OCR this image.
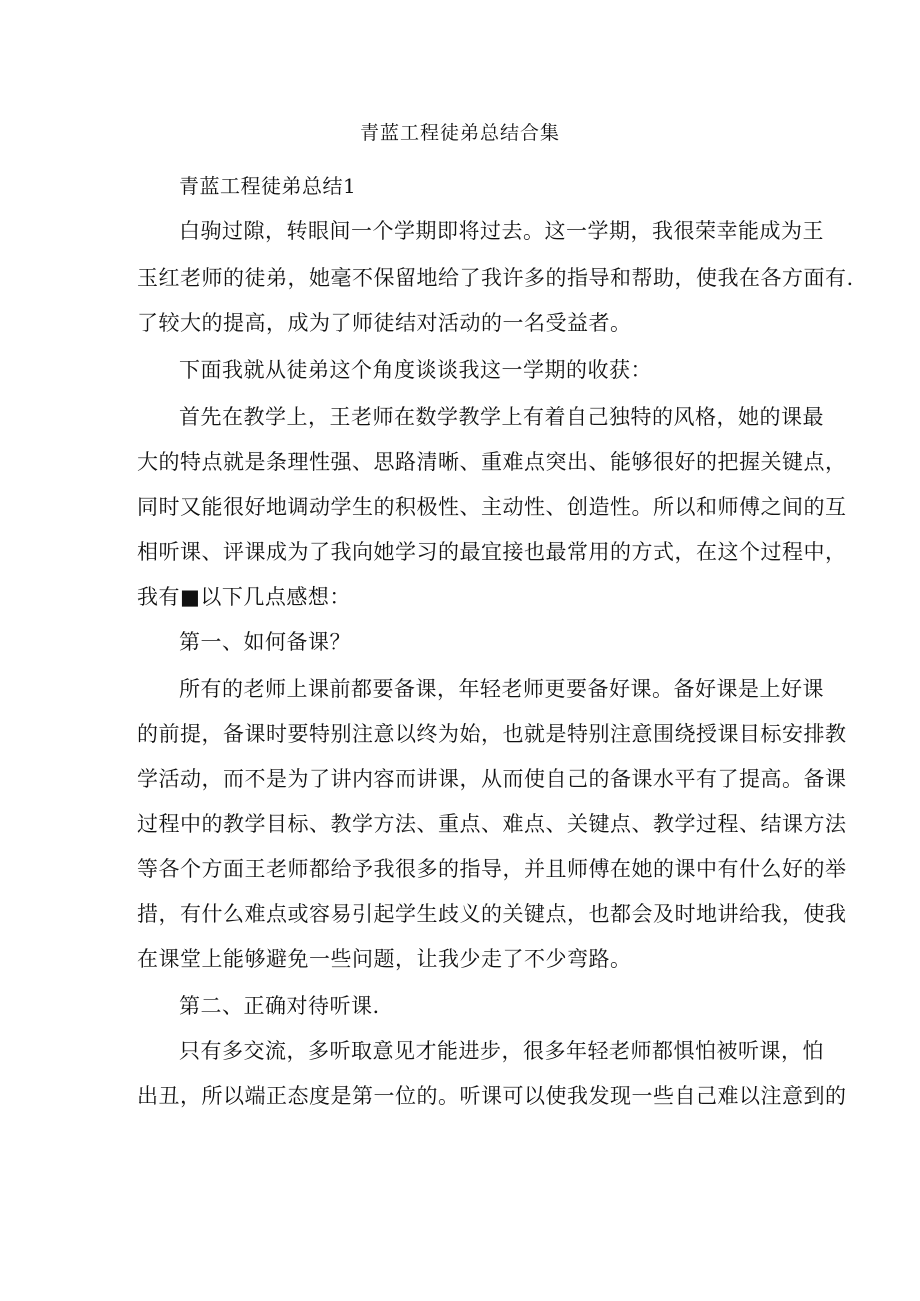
青蓝工程徒弟总结合集
青蓝工程徒弟总结1
白驹过隙，转眼间一个学期即将过去。这一学期，我很荣幸能成为王
玉红老师的徒弟，她毫不保留地给了我许多的指导和帮助，使我在各方面有.
了较大的提高，成为了师徒结对活动的一名受益者。
下面我就从徒弟这个角度谈谈我这一学期的收获：
首先在教学上，王老师在数学教学上有着自己独特的风格，她的课最
大的特点就是条理性强、思路清晰、重难点突出、能够很好的把握关键点，
同时又能很好地调动学生的积极性、主动性、创造性。所以和师傅之间的互
相听课、评课成为了我向她学习的最宜接也最常用的方式，在这个过程中，
我有■以下几点感想：
第一、如何备课？
所有的老师上课前都要备课，年轻老师更要备好课。备好课是上好课
的前提，备课时要特别注意以终为始，也就是特别注意围绕授课目标安排教
学活动，而不是为了讲内容而讲课，从而使自己的备课水平有了提高。备课
过程中的教学目标、教学方法、重点、难点、关键点、教学过程、结课方法
等各个方面王老师都给予我很多的指导，并且师傅在她的课中有什么好的举
措，有什么难点或容易引起学生歧义的关键点，也都会及时地讲给我，使我
在课堂上能够避免一些问题，让我少走了不少弯路。
第二、正确对待听课.
只有多交流，多听取意见才能进步，很多年轻老师都惧怕被听课，怕
出丑，所以端正态度是第一位的。听课可以使我发现一些自己难以注意到的
